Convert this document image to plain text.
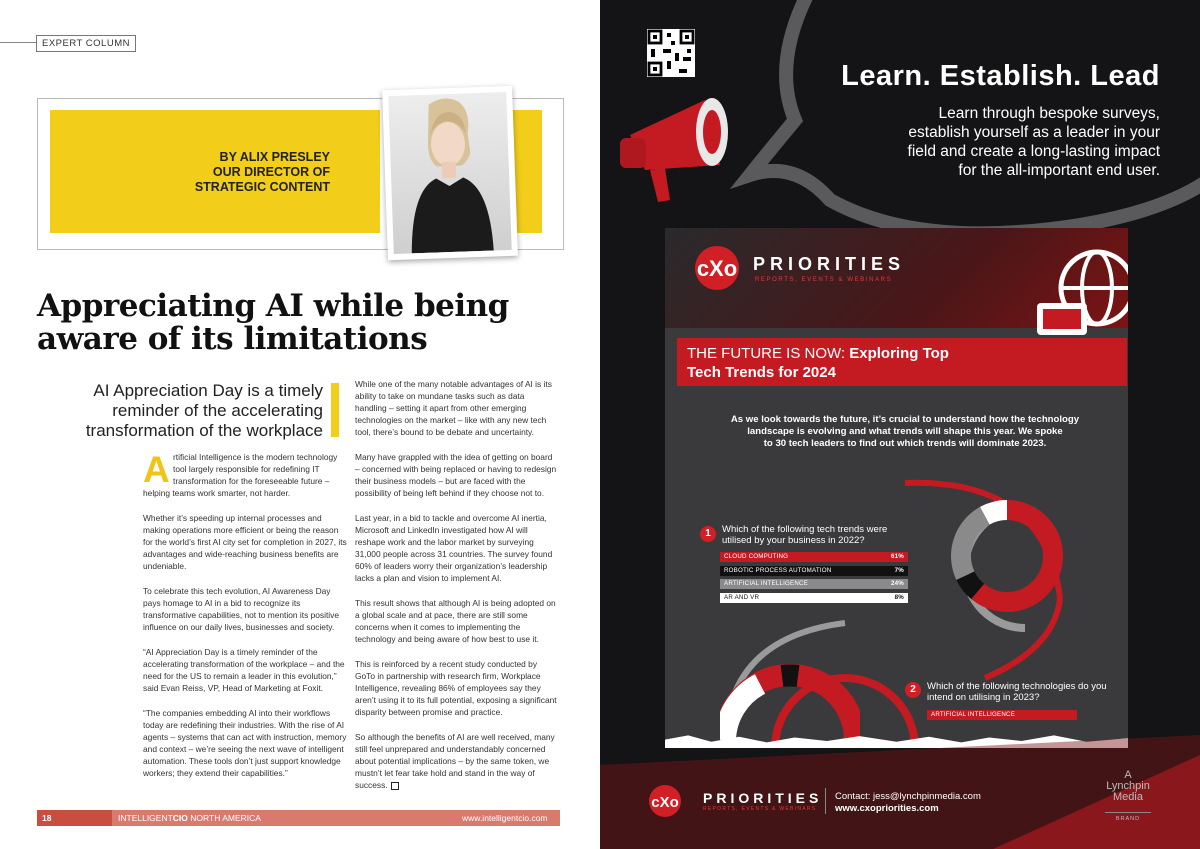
EXPERT COLUMN
BY ALIX PRESLEY
OUR DIRECTOR OF
STRATEGIC CONTENT
Appreciating AI while being aware of its limitations
AI Appreciation Day is a timely
reminder of the accelerating
transformation of the workplace
A rtificial Intelligence is the modern technology tool largely responsible for redefining IT transformation for the foreseeable future –
helping teams work smarter, not harder.

Whether it’s speeding up internal processes and making operations more efficient or being the reason for the world’s first AI city set for completion in 2027, its advantages and wide-reaching business benefits are undeniable.

To celebrate this tech evolution, AI Awareness Day pays homage to AI in a bid to recognize its transformative capabilities, not to mention its positive influence on our daily lives, businesses and society.

“AI Appreciation Day is a timely reminder of the accelerating transformation of the workplace – and the need for the US to remain a leader in this evolution,” said Evan Reiss, VP, Head of Marketing at Foxit.

“The companies embedding AI into their workflows today are redefining their industries. With the rise of AI agents – systems that can act with instruction, memory and context – we’re seeing the next wave of intelligent automation. These tools don’t just support knowledge workers; they extend their capabilities.”

While one of the many notable advantages of AI is its ability to take on mundane tasks such as data handling – setting it apart from other emerging technologies on the market – like with any new tech tool, there’s bound to be debate and uncertainty.

Many have grappled with the idea of getting on board – concerned with being replaced or having to redesign their business models – but are faced with the possibility of being left behind if they choose not to.

Last year, in a bid to tackle and overcome AI inertia, Microsoft and LinkedIn investigated how AI will reshape work and the labor market by surveying 31,000 people across 31 countries. The survey found 60% of leaders worry their organization’s leadership lacks a plan and vision to implement AI.

This result shows that although AI is being adopted on a global scale and at pace, there are still some concerns when it comes to implementing the technology and being aware of how best to use it.

This is reinforced by a recent study conducted by GoTo in partnership with research firm, Workplace Intelligence, revealing 86% of employees say they aren’t using it to its full potential, exposing a significant disparity between promise and practice.

So although the benefits of AI are well received, many still feel unprepared and understandably concerned about potential implications – by the same token, we mustn’t let fear take hold and stand in the way of success.

18	INTELLIGENTCIO NORTH AMERICA	www.intelligentcio.com
Learn. Establish. Lead
Learn through bespoke surveys,
establish yourself as a leader in your
field and create a long-lasting impact
for the all-important end user.
cXo PRIORITIES
REPORTS, EVENTS & WEBINARS
THE FUTURE IS NOW: Exploring Top
Tech Trends for 2024
As we look towards the future, it’s crucial to understand how the technology
landscape is evolving and what trends will shape this year. We spoke
to 30 tech leaders to find out which trends will dominate 2023.
1	Which of the following tech trends were
utilised by your business in 2022?
CLOUD COMPUTING	61%
ROBOTIC PROCESS AUTOMATION	7%
ARTIFICIAL INTELLIGENCE	24%
AR AND VR	8%
2	Which of the following technologies do you
intend on utilising in 2023?
ARTIFICIAL INTELLIGENCE
cXo PRIORITIES
REPORTS, EVENTS & WEBINARS
Contact: jess@lynchpinmedia.com
www.cxopriorities.com
A
Lynchpin
Media
BRAND
